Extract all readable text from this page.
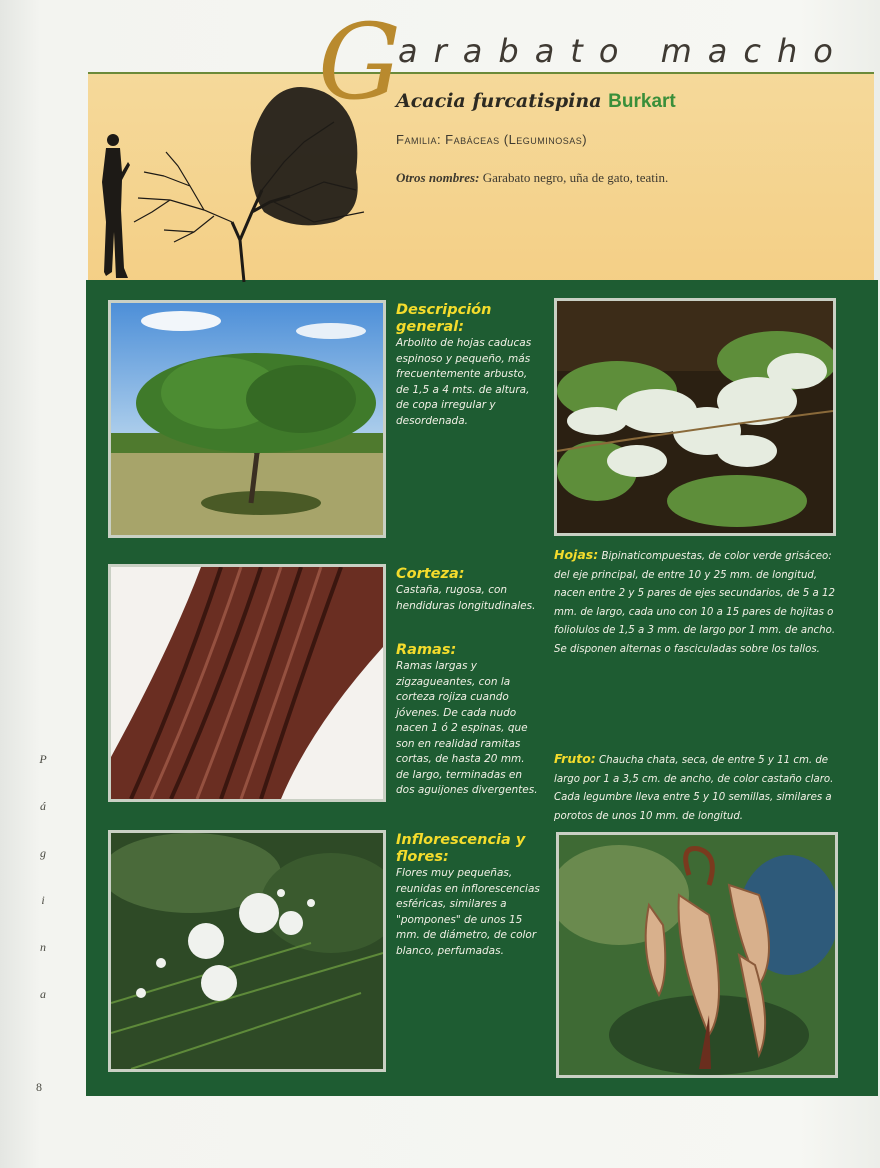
G
arabato macho
Acacia furcatispina Burkart
Familia: Fabáceas (Leguminosas)
Otros nombres: Garabato negro, uña de gato, teatin.
Descripción general:
Arbolito de hojas caducas espinoso y pequeño, más frecuentemente arbusto, de 1,5 a 4 mts. de altura, de copa irregular y desordenada.
Hojas: Bipinaticompuestas, de color verde grisáceo: del eje principal, de entre 10 y 25 mm. de longitud, nacen entre 2 y 5 pares de ejes secundarios, de 5 a 12 mm. de largo, cada uno con 10 a 15 pares de hojitas o foliolulos de 1,5 a 3 mm. de largo por 1 mm. de ancho. Se disponen alternas o fasciculadas sobre los tallos.
Corteza:
Castaña, rugosa, con hendiduras longitudinales.
Ramas:
Ramas largas y zigzagueantes, con la corteza rojiza cuando jóvenes. De cada nudo nacen 1 ó 2 espinas, que son en realidad ramitas cortas, de hasta 20 mm. de largo, terminadas en dos aguijones divergentes.
Fruto: Chaucha chata, seca, de entre 5 y 11 cm. de largo por 1 a 3,5 cm. de ancho, de color castaño claro. Cada legumbre lleva entre 5 y 10 semillas, similares a porotos de unos 10 mm. de longitud.
Inflorescencia y flores:
Flores muy pequeñas, reunidas en inflorescencias esféricas, similares a "pompones" de unos 15 mm. de diámetro, de color blanco, perfumadas.
P
á
g
i
n
a
8
